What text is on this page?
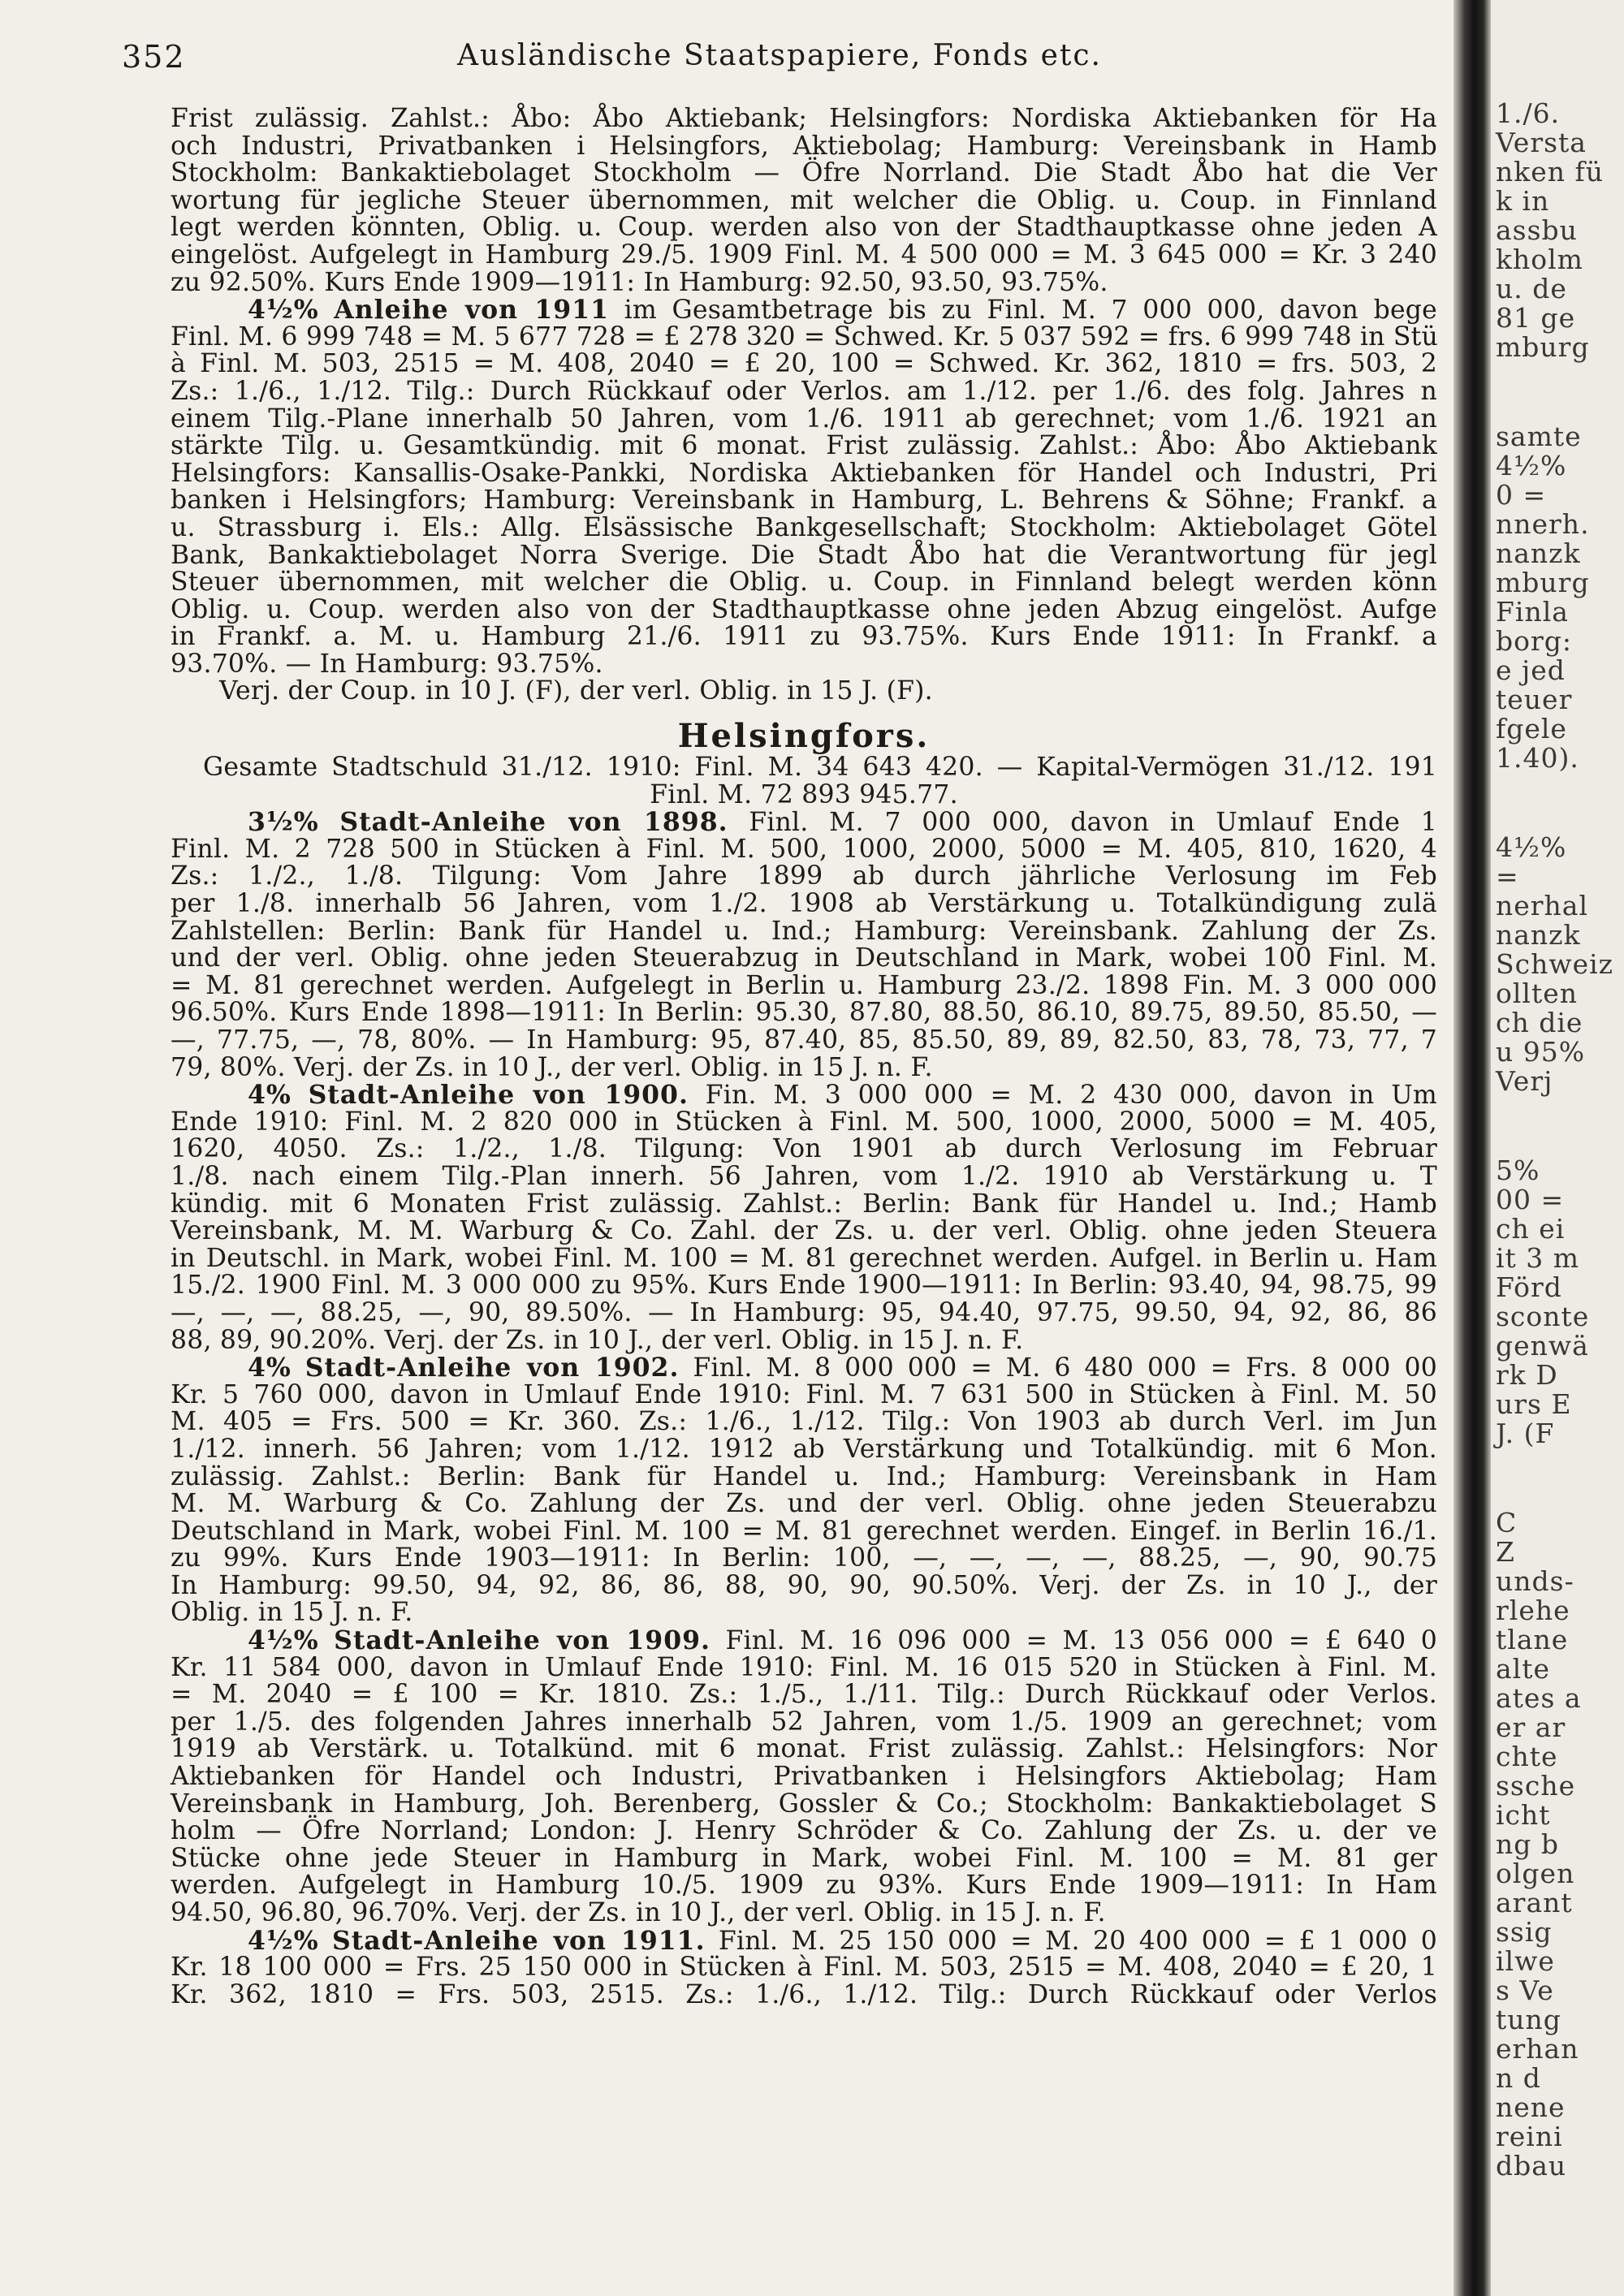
352	Ausländische Staatspapiere, Fonds etc.
Frist zulässig. Zahlst.: Åbo: Åbo Aktiebank; Helsingfors: Nordiska Aktiebanken för Ha
och Industri, Privatbanken i Helsingfors, Aktiebolag; Hamburg: Vereinsbank in Hamb
Stockholm: Bankaktiebolaget Stockholm — Öfre Norrland. Die Stadt Åbo hat die Ver
wortung für jegliche Steuer übernommen, mit welcher die Oblig. u. Coup. in Finnland
legt werden könnten, Oblig. u. Coup. werden also von der Stadthauptkasse ohne jeden A
eingelöst. Aufgelegt in Hamburg 29./5. 1909 Finl. M. 4 500 000 = M. 3 645 000 = Kr. 3 240
zu 92.50%. Kurs Ende 1909—1911: In Hamburg: 92.50, 93.50, 93.75%.
4½% Anleihe von 1911 im Gesamtbetrage bis zu Finl. M. 7 000 000, davon bege
Finl. M. 6 999 748 = M. 5 677 728 = £ 278 320 = Schwed. Kr. 5 037 592 = frs. 6 999 748 in Stü
à Finl. M. 503, 2515 = M. 408, 2040 = £ 20, 100 = Schwed. Kr. 362, 1810 = frs. 503, 2
Zs.: 1./6., 1./12. Tilg.: Durch Rückkauf oder Verlos. am 1./12. per 1./6. des folg. Jahres n
einem Tilg.-Plane innerhalb 50 Jahren, vom 1./6. 1911 ab gerechnet; vom 1./6. 1921 an
stärkte Tilg. u. Gesamtkündig. mit 6 monat. Frist zulässig. Zahlst.: Åbo: Åbo Aktiebank
Helsingfors: Kansallis-Osake-Pankki, Nordiska Aktiebanken för Handel och Industri, Pri
banken i Helsingfors; Hamburg: Vereinsbank in Hamburg, L. Behrens & Söhne; Frankf. a
u. Strassburg i. Els.: Allg. Elsässische Bankgesellschaft; Stockholm: Aktiebolaget Götel
Bank, Bankaktiebolaget Norra Sverige. Die Stadt Åbo hat die Verantwortung für jegl
Steuer übernommen, mit welcher die Oblig. u. Coup. in Finnland belegt werden könn
Oblig. u. Coup. werden also von der Stadthauptkasse ohne jeden Abzug eingelöst. Aufge
in Frankf. a. M. u. Hamburg 21./6. 1911 zu 93.75%. Kurs Ende 1911: In Frankf. a
93.70%. — In Hamburg: 93.75%.
Verj. der Coup. in 10 J. (F), der verl. Oblig. in 15 J. (F).
Helsingfors.
Gesamte Stadtschuld 31./12. 1910: Finl. M. 34 643 420. — Kapital-Vermögen 31./12. 191
Finl. M. 72 893 945.77.
3½% Stadt-Anleihe von 1898. Finl. M. 7 000 000, davon in Umlauf Ende 1
Finl. M. 2 728 500 in Stücken à Finl. M. 500, 1000, 2000, 5000 = M. 405, 810, 1620, 4
Zs.: 1./2., 1./8. Tilgung: Vom Jahre 1899 ab durch jährliche Verlosung im Feb
per 1./8. innerhalb 56 Jahren, vom 1./2. 1908 ab Verstärkung u. Totalkündigung zulä
Zahlstellen: Berlin: Bank für Handel u. Ind.; Hamburg: Vereinsbank. Zahlung der Zs.
und der verl. Oblig. ohne jeden Steuerabzug in Deutschland in Mark, wobei 100 Finl. M.
= M. 81 gerechnet werden. Aufgelegt in Berlin u. Hamburg 23./2. 1898 Fin. M. 3 000 000
96.50%. Kurs Ende 1898—1911: In Berlin: 95.30, 87.80, 88.50, 86.10, 89.75, 89.50, 85.50, —
—, 77.75, —, 78, 80%. — In Hamburg: 95, 87.40, 85, 85.50, 89, 89, 82.50, 83, 78, 73, 77, 7
79, 80%. Verj. der Zs. in 10 J., der verl. Oblig. in 15 J. n. F.
4% Stadt-Anleihe von 1900. Fin. M. 3 000 000 = M. 2 430 000, davon in Um
Ende 1910: Finl. M. 2 820 000 in Stücken à Finl. M. 500, 1000, 2000, 5000 = M. 405,
1620, 4050. Zs.: 1./2., 1./8. Tilgung: Von 1901 ab durch Verlosung im Februar
1./8. nach einem Tilg.-Plan innerh. 56 Jahren, vom 1./2. 1910 ab Verstärkung u. T
kündig. mit 6 Monaten Frist zulässig. Zahlst.: Berlin: Bank für Handel u. Ind.; Hamb
Vereinsbank, M. M. Warburg & Co. Zahl. der Zs. u. der verl. Oblig. ohne jeden Steuera
in Deutschl. in Mark, wobei Finl. M. 100 = M. 81 gerechnet werden. Aufgel. in Berlin u. Ham
15./2. 1900 Finl. M. 3 000 000 zu 95%. Kurs Ende 1900—1911: In Berlin: 93.40, 94, 98.75, 99
—, —, —, 88.25, —, 90, 89.50%. — In Hamburg: 95, 94.40, 97.75, 99.50, 94, 92, 86, 86
88, 89, 90.20%. Verj. der Zs. in 10 J., der verl. Oblig. in 15 J. n. F.
4% Stadt-Anleihe von 1902. Finl. M. 8 000 000 = M. 6 480 000 = Frs. 8 000 00
Kr. 5 760 000, davon in Umlauf Ende 1910: Finl. M. 7 631 500 in Stücken à Finl. M. 50
M. 405 = Frs. 500 = Kr. 360. Zs.: 1./6., 1./12. Tilg.: Von 1903 ab durch Verl. im Jun
1./12. innerh. 56 Jahren; vom 1./12. 1912 ab Verstärkung und Totalkündig. mit 6 Mon.
zulässig. Zahlst.: Berlin: Bank für Handel u. Ind.; Hamburg: Vereinsbank in Ham
M. M. Warburg & Co. Zahlung der Zs. und der verl. Oblig. ohne jeden Steuerabzu
Deutschland in Mark, wobei Finl. M. 100 = M. 81 gerechnet werden. Eingef. in Berlin 16./1.
zu 99%. Kurs Ende 1903—1911: In Berlin: 100, —, —, —, —, 88.25, —, 90, 90.75
In Hamburg: 99.50, 94, 92, 86, 86, 88, 90, 90, 90.50%. Verj. der Zs. in 10 J., der
Oblig. in 15 J. n. F.
4½% Stadt-Anleihe von 1909. Finl. M. 16 096 000 = M. 13 056 000 = £ 640 0
Kr. 11 584 000, davon in Umlauf Ende 1910: Finl. M. 16 015 520 in Stücken à Finl. M.
= M. 2040 = £ 100 = Kr. 1810. Zs.: 1./5., 1./11. Tilg.: Durch Rückkauf oder Verlos.
per 1./5. des folgenden Jahres innerhalb 52 Jahren, vom 1./5. 1909 an gerechnet; vom
1919 ab Verstärk. u. Totalkünd. mit 6 monat. Frist zulässig. Zahlst.: Helsingfors: Nor
Aktiebanken för Handel och Industri, Privatbanken i Helsingfors Aktiebolag; Ham
Vereinsbank in Hamburg, Joh. Berenberg, Gossler & Co.; Stockholm: Bankaktiebolaget S
holm — Öfre Norrland; London: J. Henry Schröder & Co. Zahlung der Zs. u. der ve
Stücke ohne jede Steuer in Hamburg in Mark, wobei Finl. M. 100 = M. 81 ger
werden. Aufgelegt in Hamburg 10./5. 1909 zu 93%. Kurs Ende 1909—1911: In Ham
94.50, 96.80, 96.70%. Verj. der Zs. in 10 J., der verl. Oblig. in 15 J. n. F.
4½% Stadt-Anleihe von 1911. Finl. M. 25 150 000 = M. 20 400 000 = £ 1 000 0
Kr. 18 100 000 = Frs. 25 150 000 in Stücken à Finl. M. 503, 2515 = M. 408, 2040 = £ 20, 1
Kr. 362, 1810 = Frs. 503, 2515. Zs.: 1./6., 1./12. Tilg.: Durch Rückkauf oder Verlos
1./6.
Versta
nken fü
k in
assbu
kholm
u. de
81 ge
mburg
samte
4½%
0 =
nnerh.
nanzk
mburg
Finla
borg:
e jed
teuer
fgele
1.40).
4½%
=
nerhal
nanzk
Schweiz
ollten
ch die
u 95%
Verj
5%
00 =
ch ei
it 3 m
Förd
sconte
genwä
rk D
urs E
J. (F
C
Z
unds-
rlehe
tlane
alte
ates a
er ar
chte
ssche
icht
ng b
olgen
arant
ssig
ilwe
s Ve
tung
erhan
n d
nene
reini
dbau
